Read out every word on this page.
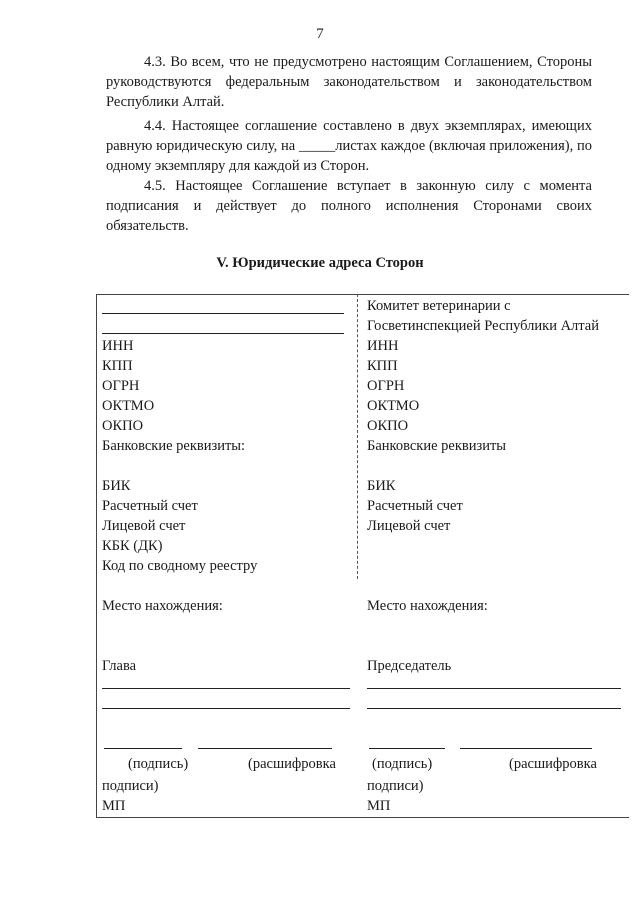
7

4.3. Во всем, что не предусмотрено настоящим Соглашением, Стороны руководствуются федеральным законодательством и законодательством Республики Алтай.

4.4. Настоящее соглашение составлено в двух экземплярах, имеющих равную юридическую силу, на _____листах каждое (включая приложения), по одному экземпляру для каждой из Сторон.

4.5. Настоящее Соглашение вступает в законную силу с момента подписания и действует до полного исполнения Сторонами своих обязательств.

V. Юридические адреса Сторон
ИНН
КПП
ОГРН
ОКТМО
ОКПО
Банковские реквизиты:
БИК
Расчетный счет
Лицевой счет
КБК (ДК)
Код по сводному реестру
Место нахождения:
Глава
(подпись)	(расшифровка
подписи)
МП
Комитет ветеринарии с
Госветинспекцией Республики Алтай
ИНН
КПП
ОГРН
ОКТМО
ОКПО
Банковские реквизиты
БИК
Расчетный счет
Лицевой счет
Место нахождения:
Председатель
(подпись)	(расшифровка
подписи)
МП
